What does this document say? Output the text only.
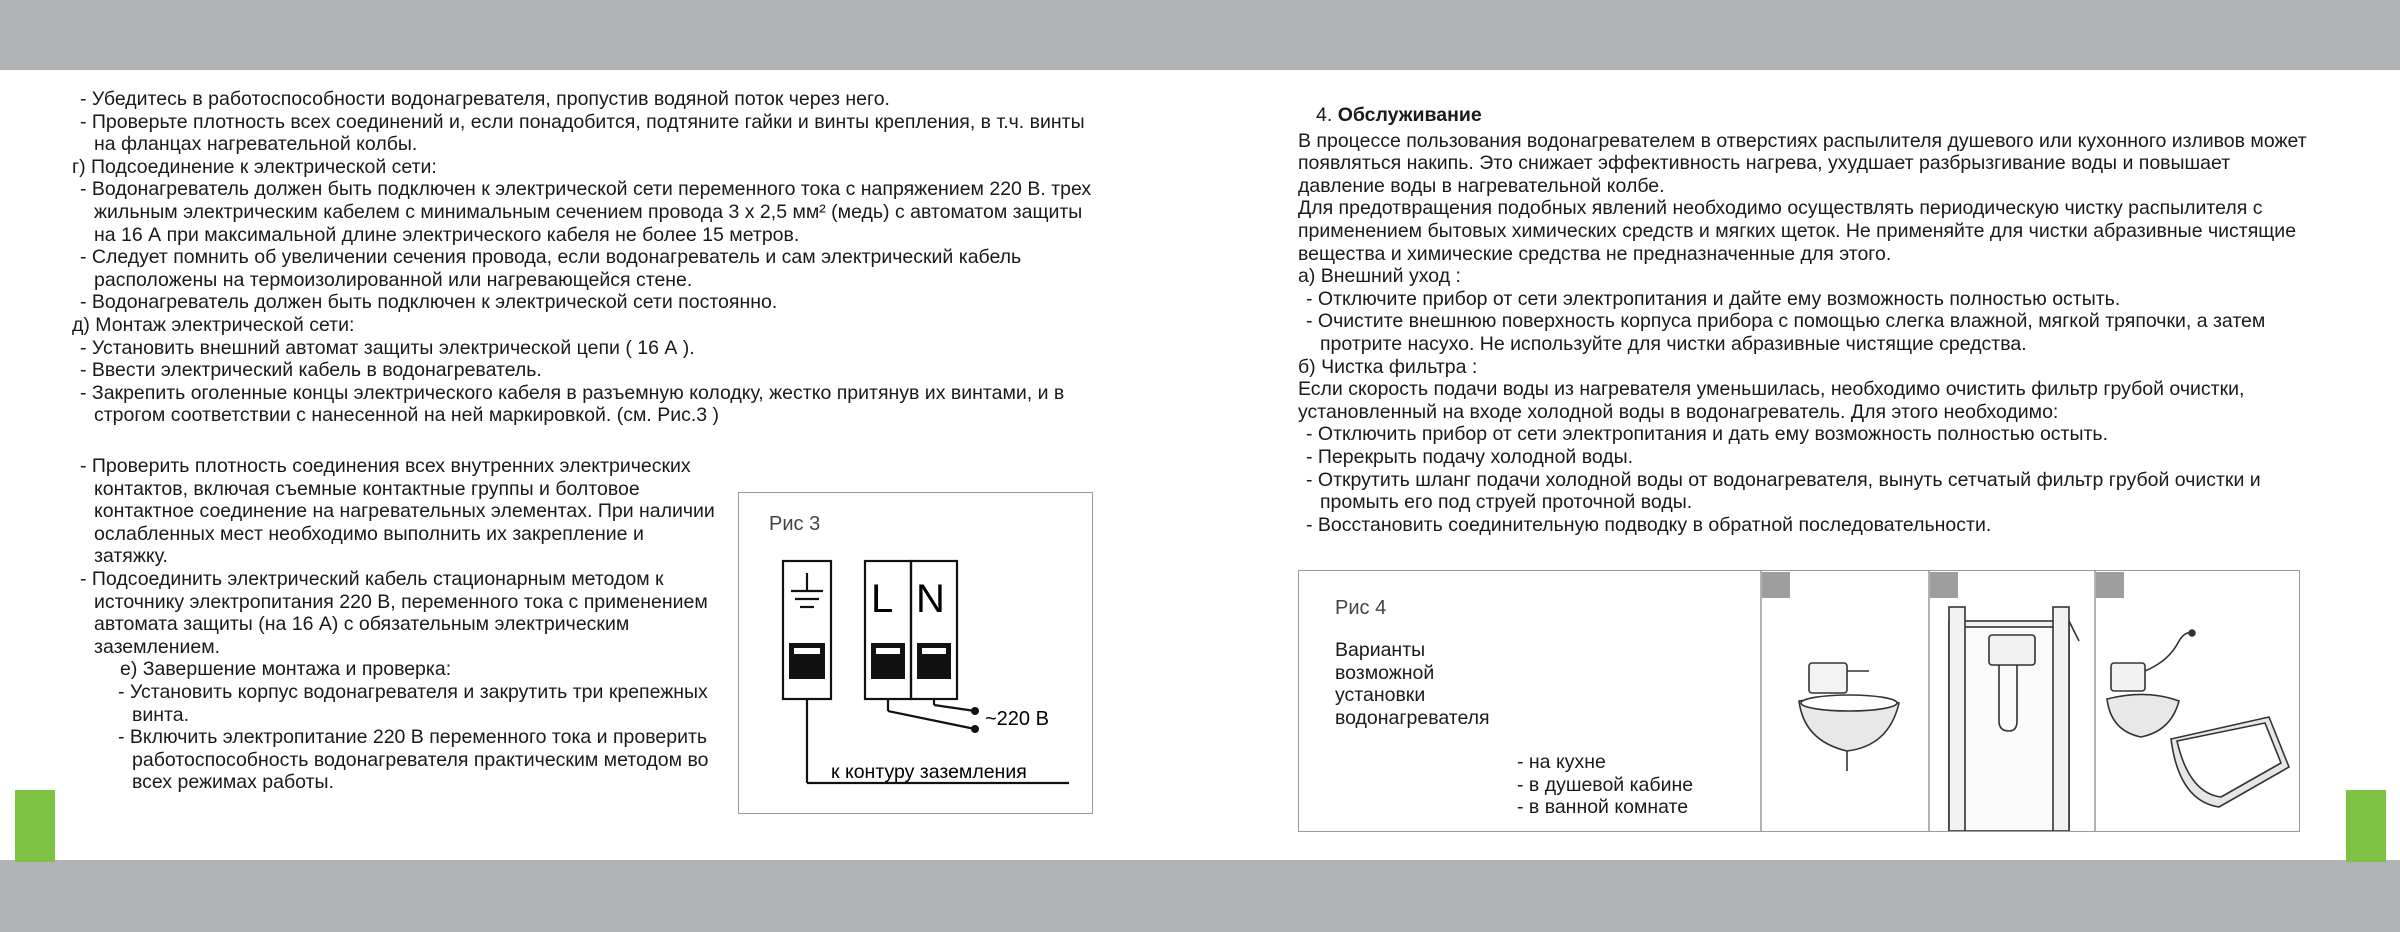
- Убедитесь в работоспособности водонагревателя, пропустив водяной поток через него.

- Проверьте плотность всех соединений и, если понадобится, подтяните гайки и винты крепления, в т.ч. винты на фланцах нагревательной колбы.

г) Подсоединение к электрической сети:

- Водонагреватель должен быть подключен к электрической сети переменного тока с напряжением 220 В. трех жильным электрическим кабелем с минимальным сечением провода 3 х 2,5 мм² (медь) с автоматом защиты на 16 А при максимальной длине электрического кабеля не более 15 метров.

- Следует помнить об увеличении сечения провода, если водонагреватель и сам электрический кабель расположены на термоизолированной или нагревающейся стене.

- Водонагреватель должен быть подключен к электрической сети постоянно.

д) Монтаж электрической сети:

- Установить внешний автомат защиты электрической цепи ( 16 А ).

- Ввести электрический кабель в водонагреватель.

- Закрепить оголенные концы электрического кабеля в разъемную колодку, жестко притянув их винтами, и в строгом соответствии с нанесенной на ней маркировкой. (см. Рис.3 )

- Проверить плотность соединения всех внутренних электрических контактов, включая съемные контактные группы и болтовое контактное соединение на нагревательных элементах. При наличии ослабленных мест необходимо выполнить их закрепление и затяжку.

- Подсоединить электрический кабель стационарным методом к источнику электропитания 220 В, переменного тока с применением автомата защиты (на 16 А) с обязательным электрическим заземлением.

е) Завершение монтажа и проверка:

- Установить корпус водонагревателя и закрутить три крепежных винта.

- Включить электропитание 220 В переменного тока и проверить работоспособность водонагревателя практическим методом во всех режимах работы.

Рис 3
L N
~220 В
к контуру заземления

4. Обслуживание

В процессе пользования водонагревателем в отверстиях распылителя душевого или кухонного изливов может появляться накипь. Это снижает эффективность нагрева, ухудшает разбрызгивание воды и повышает давление воды в нагревательной колбе.

Для предотвращения подобных явлений необходимо осуществлять периодическую чистку распылителя с применением бытовых химических средств и мягких щеток. Не применяйте для чистки абразивные чистящие вещества и химические средства не предназначенные для этого.

а) Внешний уход :

- Отключите прибор от сети электропитания и дайте ему возможность полностью остыть.

- Очистите внешнюю поверхность корпуса прибора с помощью слегка влажной, мягкой тряпочки, а затем протрите насухо. Не используйте для чистки абразивные чистящие средства.

б) Чистка фильтра :

Если скорость подачи воды из нагревателя уменьшилась, необходимо очистить фильтр грубой очистки, установленный на входе холодной воды в водонагреватель. Для этого необходимо:

- Отключить прибор от сети электропитания и дать ему возможность полностью остыть.

- Перекрыть подачу холодной воды.

- Открутить шланг подачи холодной воды от водонагревателя, вынуть сетчатый фильтр грубой очистки и промыть его под струей проточной воды.

- Восстановить соединительную подводку в обратной последовательности.

Рис 4
Варианты
возможной
установки
водонагревателя
- на кухне
- в душевой кабине
- в ванной комнате
